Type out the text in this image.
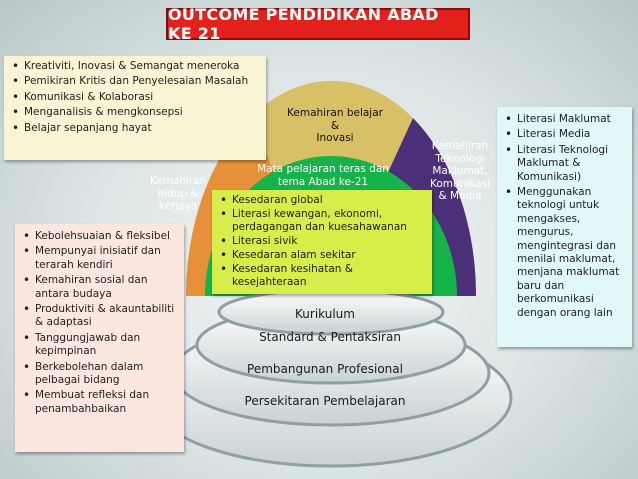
OUTCOME PENDIDIKAN ABAD KE 21
Kemahiran belajar
&
Inovasi
Kemahiran
hidup &
kerjaya
Kemahiran
Teknologi
Maklumat,
Komunikasi
& Media
Mata pelajaran teras dan
tema Abad ke-21
Kurikulum
Standard & Pentaksiran
Pembangunan Profesional
Persekitaran Pembelajaran
• Kreativiti, Inovasi & Semangat meneroka
• Pemikiran Kritis dan Penyelesaian Masalah
• Komunikasi & Kolaborasi
• Menganalisis & mengkonsepsi
• Belajar sepanjang hayat
• Kebolehsuaian & fleksibel
• Mempunyai inisiatif dan terarah kendiri
• Kemahiran sosial dan antara budaya
• Produktiviti & akauntabiliti & adaptasi
• Tanggungjawab dan kepimpinan
• Berkebolehan dalam pelbagai bidang
• Membuat refleksi dan penambahbaikan
• Kesedaran global
• Literasi kewangan, ekonomi, perdagangan dan kuesahawanan
• Literasi sivik
• Kesedaran alam sekitar
• Kesedaran kesihatan & kesejahteraan
• Literasi Maklumat
• Literasi Media
• Literasi Teknologi Maklumat & Komunikasi)
• Menggunakan teknologi untuk mengakses, mengurus, mengintegrasi dan menilai maklumat, menjana maklumat baru dan berkomunikasi dengan orang lain
